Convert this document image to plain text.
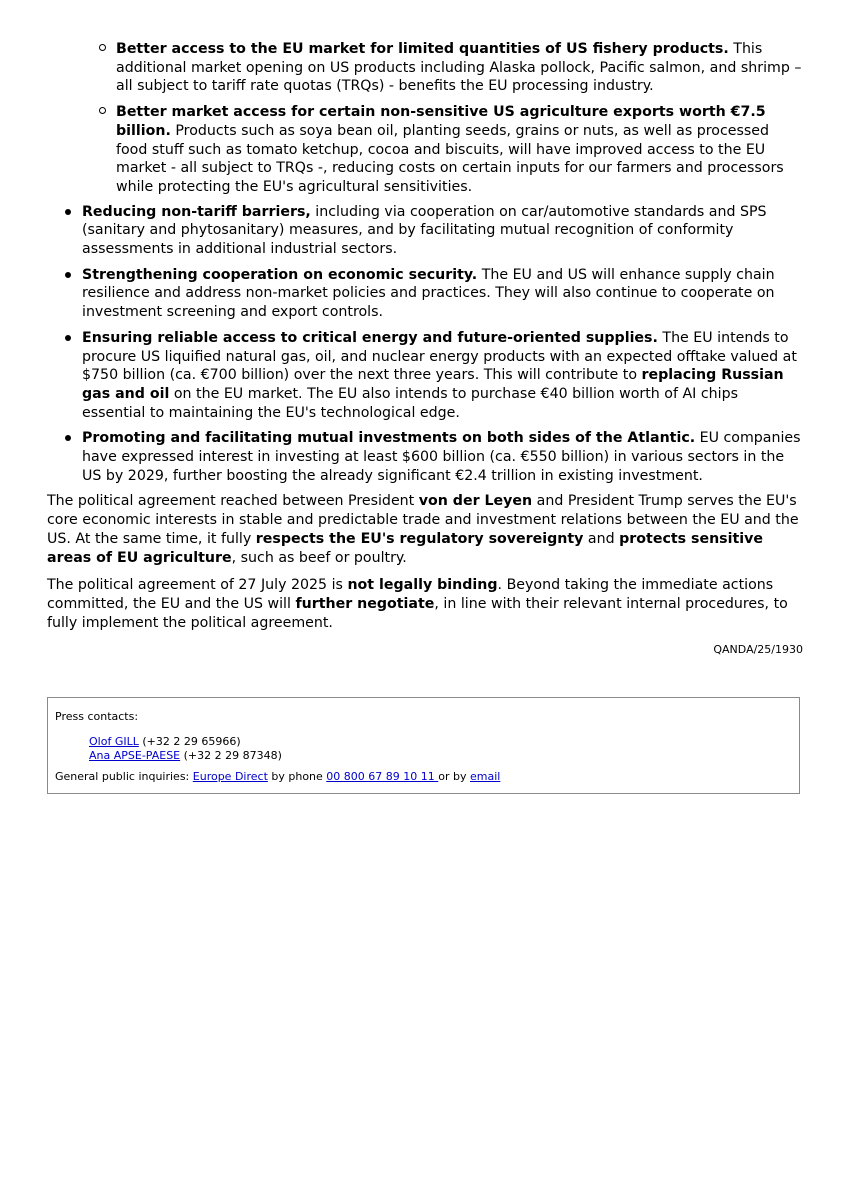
Better access to the EU market for limited quantities of US fishery products. This additional market opening on US products including Alaska pollock, Pacific salmon, and shrimp – all subject to tariff rate quotas (TRQs) - benefits the EU processing industry.
Better market access for certain non-sensitive US agriculture exports worth €7.5 billion. Products such as soya bean oil, planting seeds, grains or nuts, as well as processed food stuff such as tomato ketchup, cocoa and biscuits, will have improved access to the EU market - all subject to TRQs -, reducing costs on certain inputs for our farmers and processors while protecting the EU's agricultural sensitivities.
Reducing non-tariff barriers, including via cooperation on car/automotive standards and SPS (sanitary and phytosanitary) measures, and by facilitating mutual recognition of conformity assessments in additional industrial sectors.
Strengthening cooperation on economic security. The EU and US will enhance supply chain resilience and address non-market policies and practices. They will also continue to cooperate on investment screening and export controls.
Ensuring reliable access to critical energy and future-oriented supplies. The EU intends to procure US liquified natural gas, oil, and nuclear energy products with an expected offtake valued at $750 billion (ca. €700 billion) over the next three years. This will contribute to replacing Russian gas and oil on the EU market. The EU also intends to purchase €40 billion worth of AI chips essential to maintaining the EU's technological edge.
Promoting and facilitating mutual investments on both sides of the Atlantic. EU companies have expressed interest in investing at least $600 billion (ca. €550 billion) in various sectors in the US by 2029, further boosting the already significant €2.4 trillion in existing investment.

The political agreement reached between President von der Leyen and President Trump serves the EU's core economic interests in stable and predictable trade and investment relations between the EU and the US. At the same time, it fully respects the EU's regulatory sovereignty and protects sensitive areas of EU agriculture, such as beef or poultry.

The political agreement of 27 July 2025 is not legally binding. Beyond taking the immediate actions committed, the EU and the US will further negotiate, in line with their relevant internal procedures, to fully implement the political agreement.

QANDA/25/1930
Press contacts:
Olof GILL (+32 2 29 65966)
Ana APSE-PAESE (+32 2 29 87348)
General public inquiries: Europe Direct by phone 00 800 67 89 10 11 or by email
